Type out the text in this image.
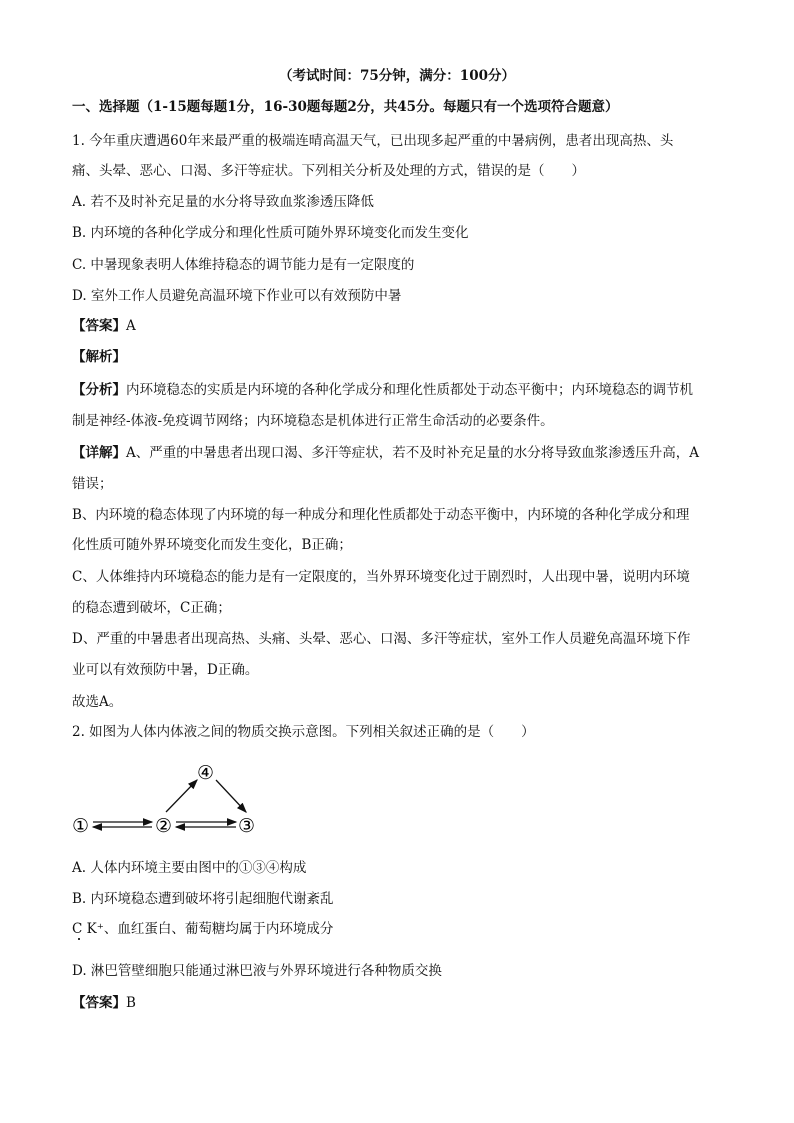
（考试时间：75分钟，满分：100分）
一、选择题（1-15题每题1分，16-30题每题2分，共45分。每题只有一个选项符合题意）
1. 今年重庆遭遇60年来最严重的极端连晴高温天气，已出现多起严重的中暑病例，患者出现高热、头
痛、头晕、恶心、口渴、多汗等症状。下列相关分析及处理的方式，错误的是（　　）
A. 若不及时补充足量的水分将导致血浆渗透压降低
B. 内环境的各种化学成分和理化性质可随外界环境变化而发生变化
C. 中暑现象表明人体维持稳态的调节能力是有一定限度的
D. 室外工作人员避免高温环境下作业可以有效预防中暑
【答案】A
【解析】
【分析】内环境稳态的实质是内环境的各种化学成分和理化性质都处于动态平衡中；内环境稳态的调节机
制是神经-体液-免疫调节网络；内环境稳态是机体进行正常生命活动的必要条件。
【详解】A、严重的中暑患者出现口渴、多汗等症状，若不及时补充足量的水分将导致血浆渗透压升高，A
错误；
B、内环境的稳态体现了内环境的每一种成分和理化性质都处于动态平衡中，内环境的各种化学成分和理
化性质可随外界环境变化而发生变化，B正确；
C、人体维持内环境稳态的能力是有一定限度的，当外界环境变化过于剧烈时，人出现中暑，说明内环境
的稳态遭到破坏，C正确；
D、严重的中暑患者出现高热、头痛、头晕、恶心、口渴、多汗等症状，室外工作人员避免高温环境下作
业可以有效预防中暑，D正确。
故选A。
2. 如图为人体内体液之间的物质交换示意图。下列相关叙述正确的是（　　）
①	②	③
④
A. 人体内环境主要由图中的①③④构成
B. 内环境稳态遭到破坏将引起细胞代谢紊乱
C K⁺、血红蛋白、葡萄糖均属于内环境成分
D. 淋巴管壁细胞只能通过淋巴液与外界环境进行各种物质交换
【答案】B
